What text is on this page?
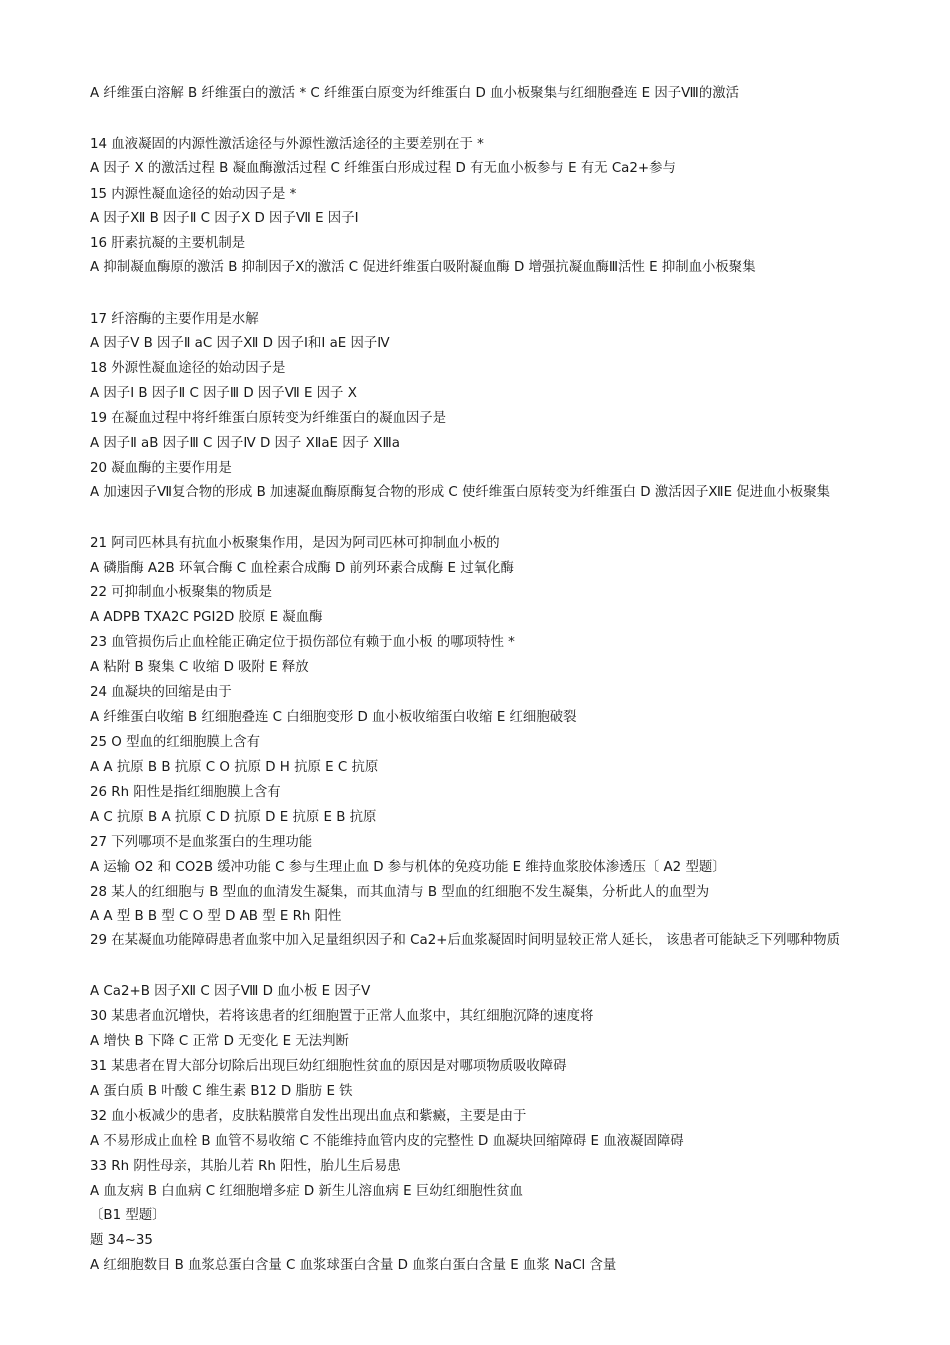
A 纤维蛋白溶解 B 纤维蛋白的激活 * C 纤维蛋白原变为纤维蛋白 D 血小板聚集与红细胞叠连 E 因子Ⅷ的激活
14 血液凝固的内源性激活途径与外源性激活途径的主要差别在于 *
A 因子 X 的激活过程 B 凝血酶激活过程 C 纤维蛋白形成过程 D 有无血小板参与 E 有无 Ca2+参与
15 内源性凝血途径的始动因子是 *
A 因子Ⅻ B 因子Ⅱ C 因子Ⅹ D 因子Ⅶ E 因子Ⅰ
16 肝素抗凝的主要机制是
A 抑制凝血酶原的激活 B 抑制因子Ⅹ的激活 C 促进纤维蛋白吸附凝血酶 D 增强抗凝血酶Ⅲ活性 E 抑制血小板聚集
17 纤溶酶的主要作用是水解
A 因子Ⅴ B 因子Ⅱ aC 因子Ⅻ D 因子Ⅰ和Ⅰ aE 因子Ⅳ
18 外源性凝血途径的始动因子是
A 因子Ⅰ B 因子Ⅱ C 因子Ⅲ D 因子Ⅶ E 因子 X
19 在凝血过程中将纤维蛋白原转变为纤维蛋白的凝血因子是
A 因子Ⅱ aB 因子Ⅲ C 因子Ⅳ D 因子 XⅡaE 因子 XⅢa
20 凝血酶的主要作用是
A 加速因子Ⅶ复合物的形成 B 加速凝血酶原酶复合物的形成 C 使纤维蛋白原转变为纤维蛋白 D 激活因子ⅫE 促进血小板聚集
21 阿司匹林具有抗血小板聚集作用，是因为阿司匹林可抑制血小板的
A 磷脂酶 A2B 环氧合酶 C 血栓素合成酶 D 前列环素合成酶 E 过氧化酶
22 可抑制血小板聚集的物质是
A ADPB TXA2C PGI2D 胶原 E 凝血酶
23 血管损伤后止血栓能正确定位于损伤部位有赖于血小板 的哪项特性 *
A 粘附 B 聚集 C 收缩 D 吸附 E 释放
24 血凝块的回缩是由于
A 纤维蛋白收缩 B 红细胞叠连 C 白细胞变形 D 血小板收缩蛋白收缩 E 红细胞破裂
25 O 型血的红细胞膜上含有
A A 抗原 B B 抗原 C O 抗原 D H 抗原 E C 抗原
26 Rh 阳性是指红细胞膜上含有
A C 抗原 B A 抗原 C D 抗原 D E 抗原 E B 抗原
27 下列哪项不是血浆蛋白的生理功能
A 运输 O2 和 CO2B 缓冲功能 C 参与生理止血 D 参与机体的免疫功能 E 维持血浆胶体渗透压〔 A2 型题〕
28 某人的红细胞与 B 型血的血清发生凝集，而其血清与 B 型血的红细胞不发生凝集，分析此人的血型为
A A 型 B B 型 C O 型 D AB 型 E Rh 阳性
29 在某凝血功能障碍患者血浆中加入足量组织因子和 Ca2+后血浆凝固时间明显较正常人延长， 该患者可能缺乏下列哪种物质
A Ca2+B 因子Ⅻ C 因子Ⅷ D 血小板 E 因子Ⅴ
30 某患者血沉增快，若将该患者的红细胞置于正常人血浆中，其红细胞沉降的速度将
A 增快 B 下降 C 正常 D 无变化 E 无法判断
31 某患者在胃大部分切除后出现巨幼红细胞性贫血的原因是对哪项物质吸收障碍
A 蛋白质 B 叶酸 C 维生素 B12 D 脂肪 E 铁
32 血小板减少的患者，皮肤粘膜常自发性出现出血点和紫癜，主要是由于
A 不易形成止血栓 B 血管不易收缩 C 不能维持血管内皮的完整性 D 血凝块回缩障碍 E 血液凝固障碍
33 Rh 阴性母亲，其胎儿若 Rh 阳性，胎儿生后易患
A 血友病 B 白血病 C 红细胞增多症 D 新生儿溶血病 E 巨幼红细胞性贫血
〔B1 型题〕
题 34~35
A 红细胞数目 B 血浆总蛋白含量 C 血浆球蛋白含量 D 血浆白蛋白含量 E 血浆 NaCl 含量
